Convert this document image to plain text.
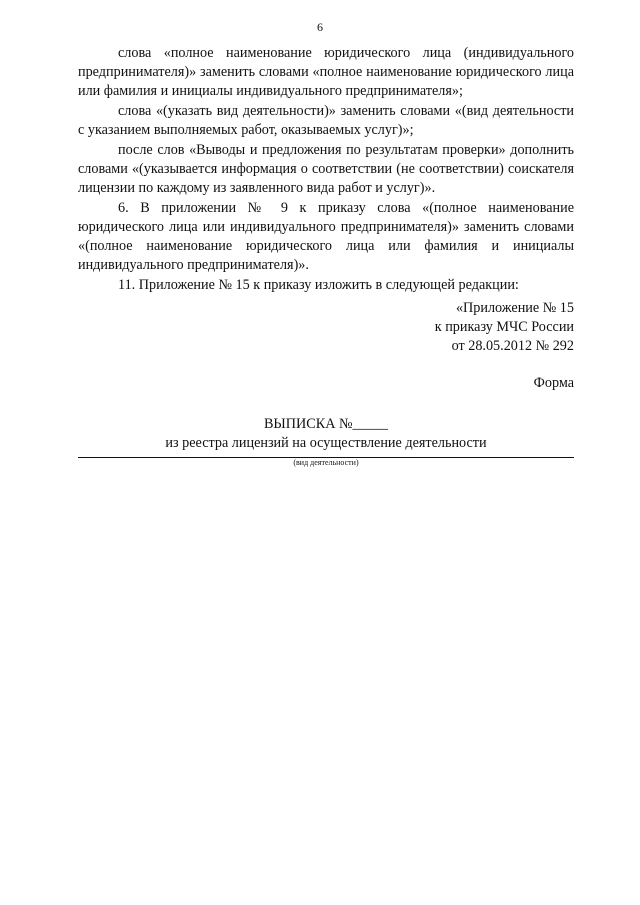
6

слова «полное наименование юридического лица (индивидуального предпринимателя)» заменить словами «полное наименование юридического лица или фамилия и инициалы индивидуального предпринимателя»;

слова «(указать вид деятельности)» заменить словами «(вид деятельности с указанием выполняемых работ, оказываемых услуг)»;

после слов «Выводы и предложения по результатам проверки» дополнить словами «(указывается информация о соответствии (не соответствии) соискателя лицензии по каждому из заявленного вида работ и услуг)».

6. В приложении № 9 к приказу слова «(полное наименование юридического лица или индивидуального предпринимателя)» заменить словами «(полное наименование юридического лица или фамилия и инициалы индивидуального предпринимателя)».

11. Приложение № 15 к приказу изложить в следующей редакции:

«Приложение № 15
к приказу МЧС России
от 28.05.2012 № 292
Форма
ВЫПИСКА №_____
из реестра лицензий на осуществление деятельности
(вид деятельности)
